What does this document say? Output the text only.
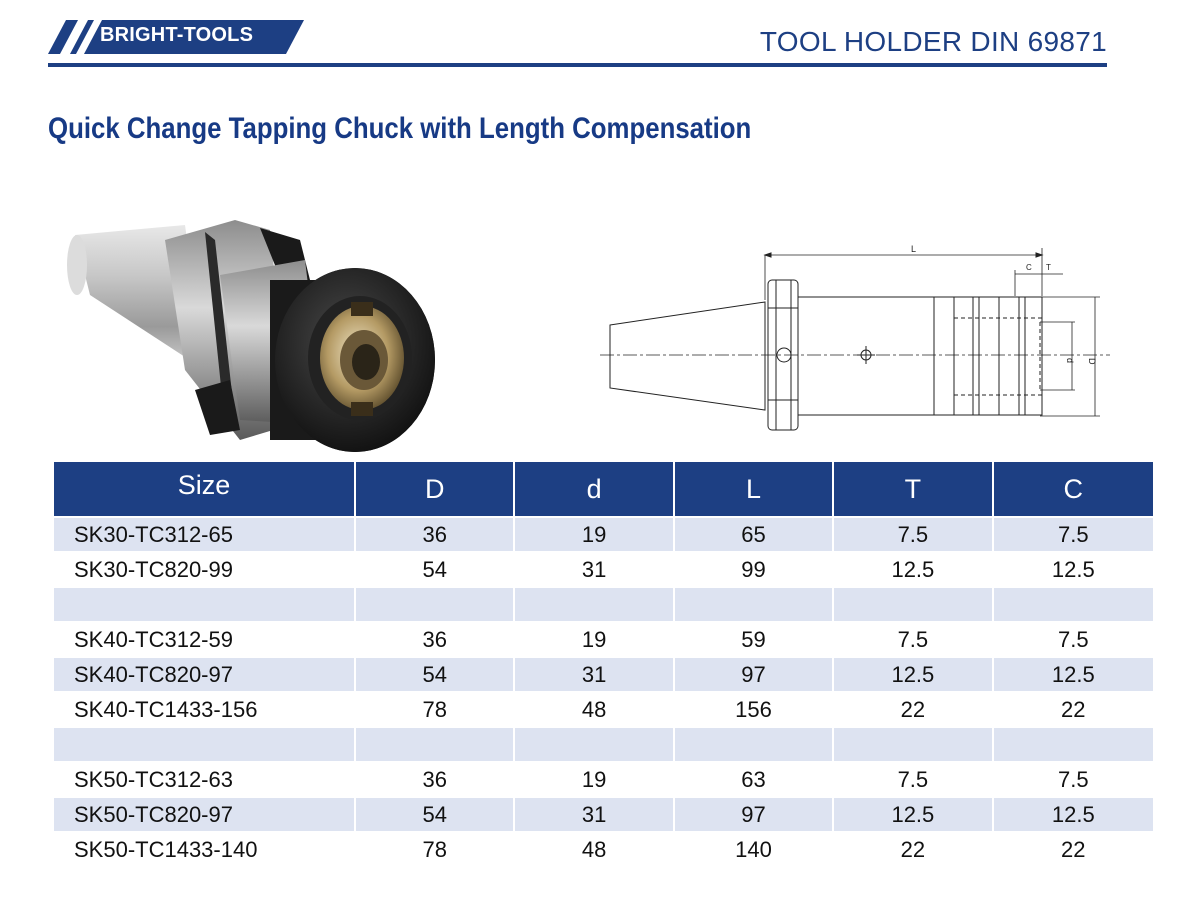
BRIGHT-TOOLS	TOOL HOLDER DIN 69871
Quick Change Tapping Chuck with Length Compensation
L
C T
d D
Size	D	d	L	T	C
SK30-TC312-65	36	19	65	7.5	7.5
SK30-TC820-99	54	31	99	12.5	12.5

SK40-TC312-59	36	19	59	7.5	7.5
SK40-TC820-97	54	31	97	12.5	12.5
SK40-TC1433-156	78	48	156	22	22

SK50-TC312-63	36	19	63	7.5	7.5
SK50-TC820-97	54	31	97	12.5	12.5
SK50-TC1433-140	78	48	140	22	22
